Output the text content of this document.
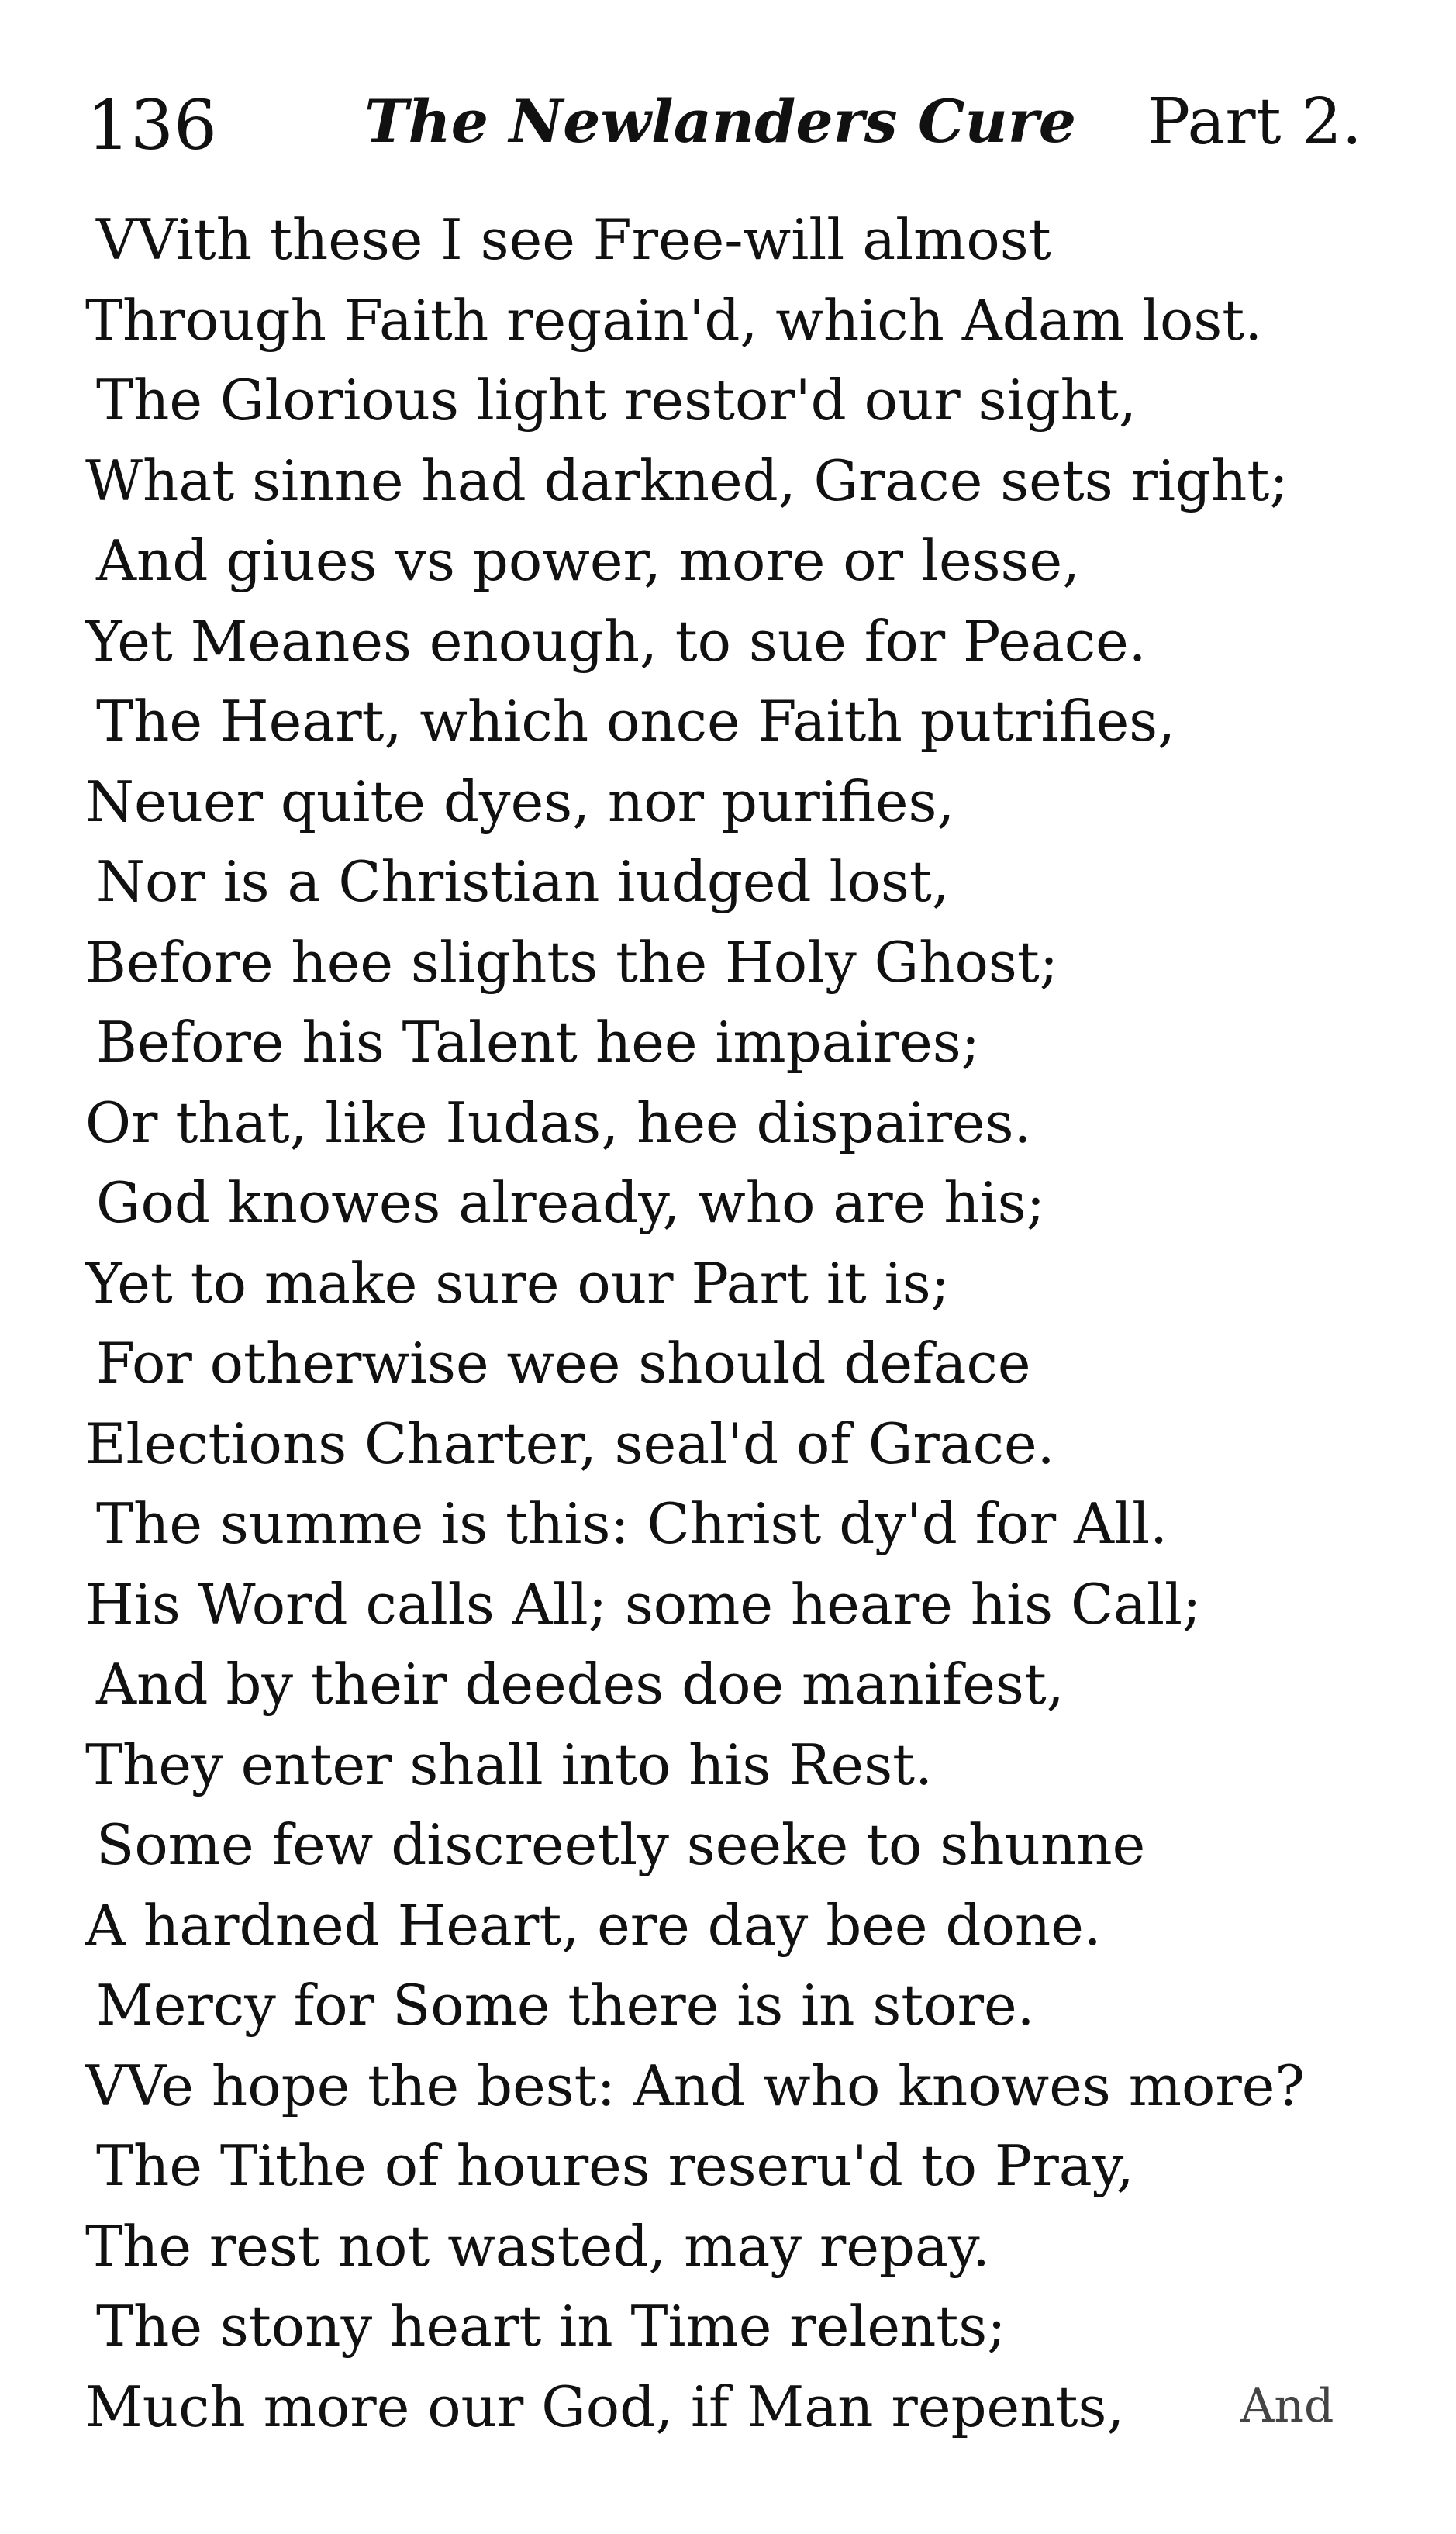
136	The Newlanders Cure Part 2.
VVith these I see Free-will almost
Through Faith regain'd, which Adam lost.
The Glorious light restor'd our sight,
What sinne had darkned, Grace sets right;
And giues vs power, more or lesse,
Yet Meanes enough, to sue for Peace.
The Heart, which once Faith putrifies,
Neuer quite dyes, nor purifies,
Nor is a Christian iudged lost,
Before hee slights the Holy Ghost;
Before his Talent hee impaires;
Or that, like Iudas, hee dispaires.
God knowes already, who are his;
Yet to make sure our Part it is;
For otherwise wee should deface
Elections Charter, seal'd of Grace.
The summe is this: Christ dy'd for All.
His Word calls All; some heare his Call;
And by their deedes doe manifest,
They enter shall into his Rest.
Some few discreetly seeke to shunne
A hardned Heart, ere day bee done.
Mercy for Some there is in store.
VVe hope the best: And who knowes more?
The Tithe of houres reseru'd to Pray,
The rest not wasted, may repay.
The stony heart in Time relents;
Much more our God, if Man repents,	And
